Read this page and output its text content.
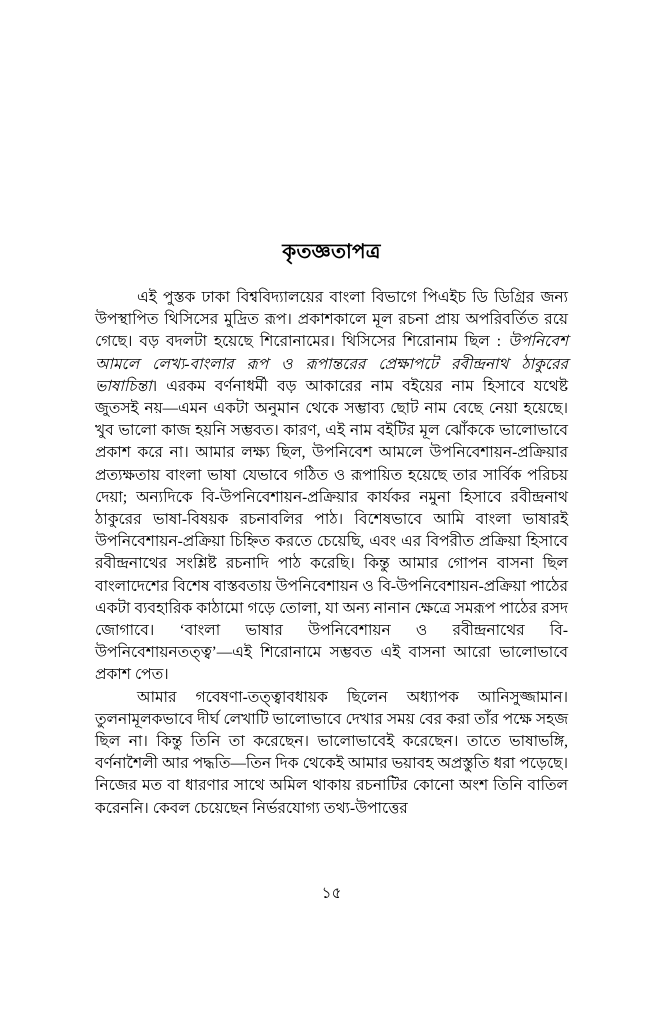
কৃতজ্ঞতাপত্র

এই পুস্তক ঢাকা বিশ্ববিদ্যালয়ের বাংলা বিভাগে পিএইচ ডি ডিগ্রির জন্য উপস্থাপিত থিসিসের মুদ্রিত রূপ। প্রকাশকালে মূল রচনা প্রায় অপরিবর্তিত রয়ে গেছে। বড় বদলটা হয়েছে শিরোনামের। থিসিসের শিরোনাম ছিল : উপনিবেশ আমলে লেখ্য-বাংলার রূপ ও রূপান্তরের প্রেক্ষাপটে রবীন্দ্রনাথ ঠাকুরের ভাষাচিন্তা। এরকম বর্ণনাধর্মী বড় আকারের নাম বইয়ের নাম হিসাবে যথেষ্ট জুতসই নয়—এমন একটা অনুমান থেকে সম্ভাব্য ছোট নাম বেছে নেয়া হয়েছে। খুব ভালো কাজ হয়নি সম্ভবত। কারণ, এই নাম বইটির মূল ঝোঁককে ভালোভাবে প্রকাশ করে না। আমার লক্ষ্য ছিল, উপনিবেশ আমলে উপনিবেশায়ন-প্রক্রিয়ার প্রত্যক্ষতায় বাংলা ভাষা যেভাবে গঠিত ও রূপায়িত হয়েছে তার সার্বিক পরিচয় দেয়া; অন্যদিকে বি-উপনিবেশায়ন-প্রক্রিয়ার কার্যকর নমুনা হিসাবে রবীন্দ্রনাথ ঠাকুরের ভাষা-বিষয়ক রচনাবলির পাঠ। বিশেষভাবে আমি বাংলা ভাষারই উপনিবেশায়ন-প্রক্রিয়া চিহ্নিত করতে চেয়েছি, এবং এর বিপরীত প্রক্রিয়া হিসাবে রবীন্দ্রনাথের সংশ্লিষ্ট রচনাদি পাঠ করেছি। কিন্তু আমার গোপন বাসনা ছিল বাংলাদেশের বিশেষ বাস্তবতায় উপনিবেশায়ন ও বি-উপনিবেশায়ন-প্রক্রিয়া পাঠের একটা ব্যবহারিক কাঠামো গড়ে তোলা, যা অন্য নানান ক্ষেত্রে সমরূপ পাঠের রসদ জোগাবে। ‘বাংলা ভাষার উপনিবেশায়ন ও রবীন্দ্রনাথের বি-উপনিবেশায়নতত্ত্ব’—এই শিরোনামে সম্ভবত এই বাসনা আরো ভালোভাবে প্রকাশ পেত।

আমার গবেষণা-তত্ত্বাবধায়ক ছিলেন অধ্যাপক আনিসুজ্জামান। তুলনামূলকভাবে দীর্ঘ লেখাটি ভালোভাবে দেখার সময় বের করা তাঁর পক্ষে সহজ ছিল না। কিন্তু তিনি তা করেছেন। ভালোভাবেই করেছেন। তাতে ভাষাভঙ্গি, বর্ণনাশৈলী আর পদ্ধতি—তিন দিক থেকেই আমার ভয়াবহ অপ্রস্তুতি ধরা পড়েছে। নিজের মত বা ধারণার সাথে অমিল থাকায় রচনাটির কোনো অংশ তিনি বাতিল করেননি। কেবল চেয়েছেন নির্ভরযোগ্য তথ্য-উপাত্তের

১৫
